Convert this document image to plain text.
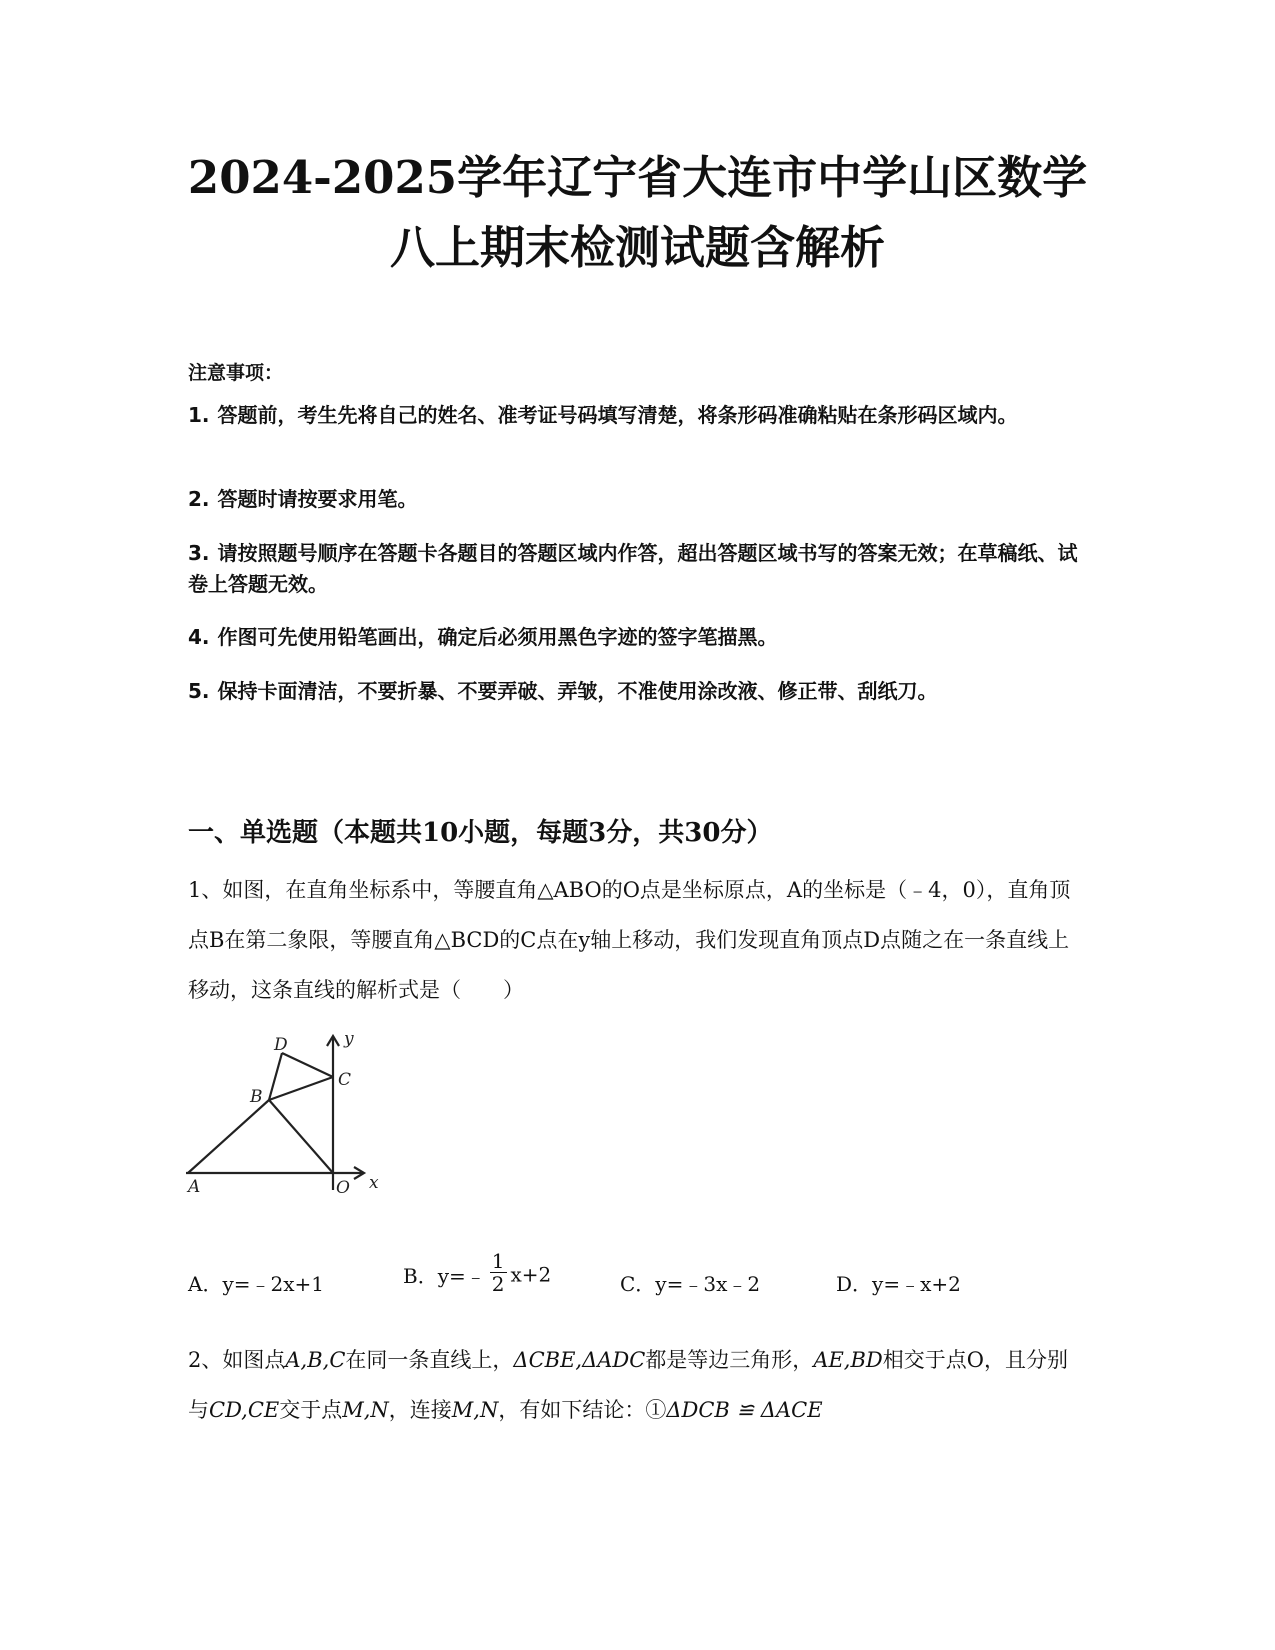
2024-2025学年辽宁省大连市中学山区数学
八上期末检测试题含解析
注意事项：
1. 答题前，考生先将自己的姓名、准考证号码填写清楚，将条形码准确粘贴在条形码区域内。
2. 答题时请按要求用笔。
3. 请按照题号顺序在答题卡各题目的答题区域内作答，超出答题区域书写的答案无效；在草稿纸、试卷上答题无效。
4. 作图可先使用铅笔画出，确定后必须用黑色字迹的签字笔描黑。
5. 保持卡面清洁，不要折暴、不要弄破、弄皱，不准使用涂改液、修正带、刮纸刀。
一、单选题（本题共10小题，每题3分，共30分）
1、如图，在直角坐标系中，等腰直角△ABO的O点是坐标原点，A的坐标是（﹣4，0），直角顶点B在第二象限，等腰直角△BCD的C点在y轴上移动，我们发现直角顶点D点随之在一条直线上移动，这条直线的解析式是（　　）
y
x
D
C
B
A	O
A．y=﹣2x+1	B．y=﹣ $\frac{1}{2} x+2$	C．y=﹣3x﹣2	D．y=﹣x+2
2、如图点A,B,C在同一条直线上，ΔCBE,ΔADC都是等边三角形，AE,BD相交于点O，且分别与CD,CE交于点M,N，连接M,N，有如下结论：①ΔDCB ≌ ΔACE
